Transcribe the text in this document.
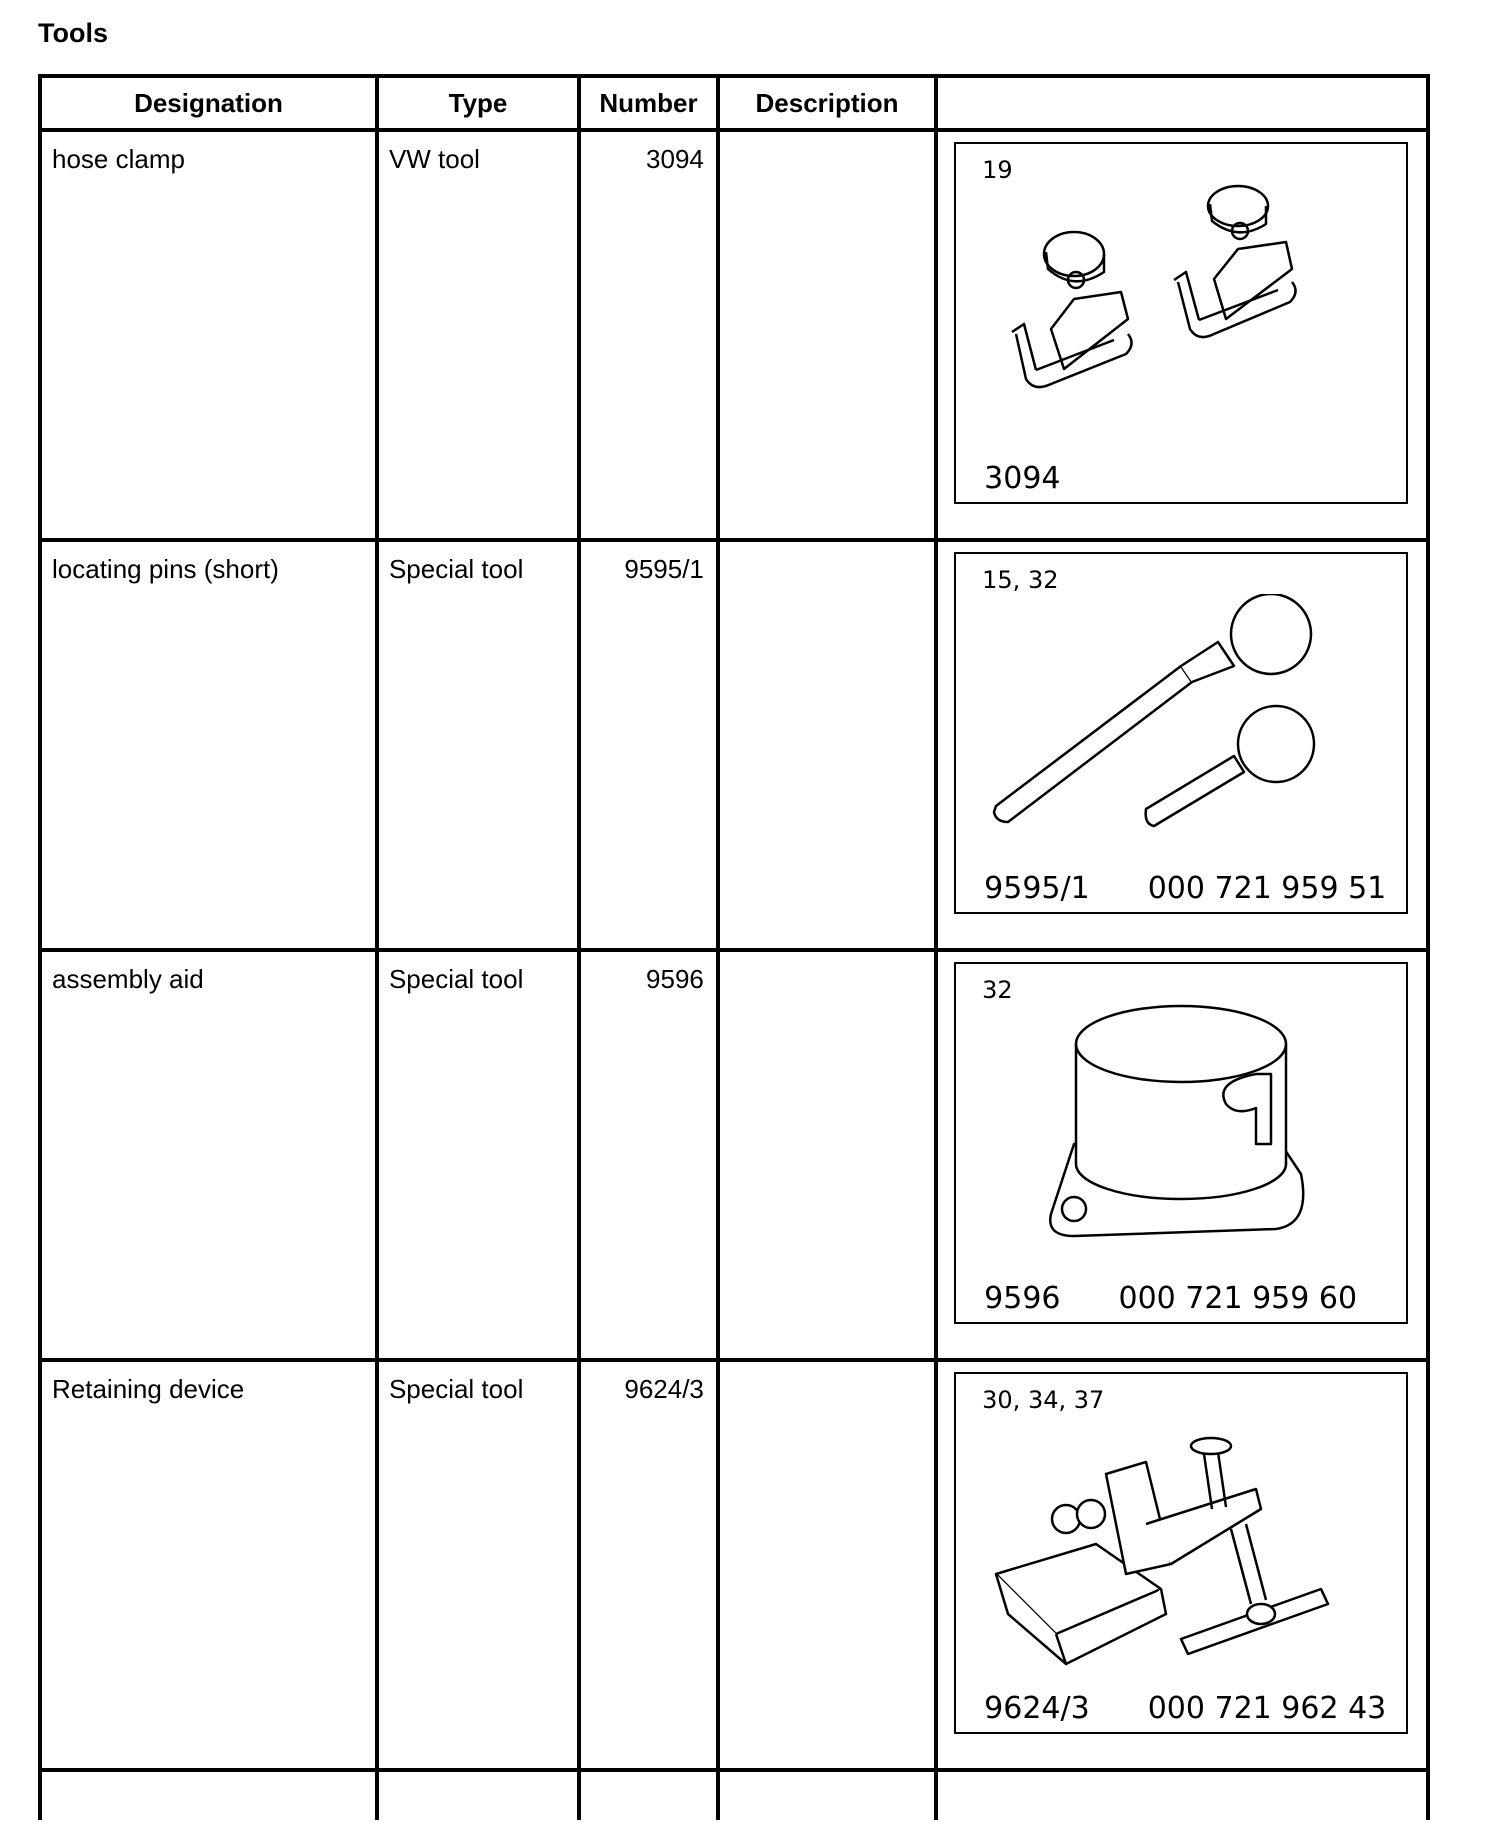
Tools
Designation	Type	Number	Description	

hose clamp	VW tool	3094		19
3094

locating pins (short)	Special tool	9595/1		15, 32
9595/1 000 721 959 51

assembly aid	Special tool	9596		32
9596 000 721 959 60

Retaining device	Special tool	9624/3		30, 34, 37
9624/3 000 721 962 43
